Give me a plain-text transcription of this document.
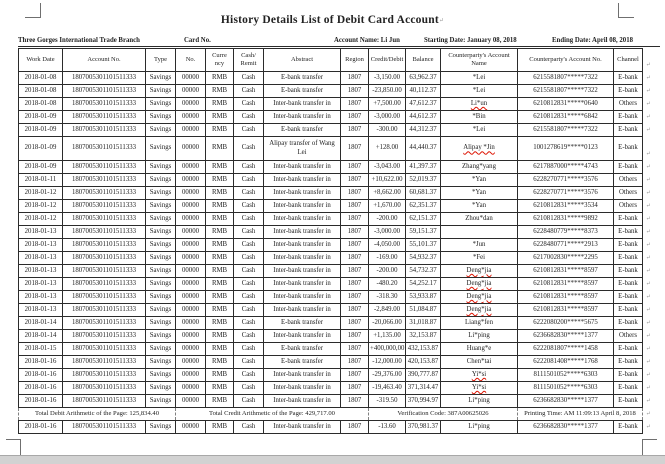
History Details List of Debit Card Account↵
Three Gorges International Trade Branch	Card No.	Account Name: Li Jun	Starting Date: January 08, 2018	Ending Date: April 08, 2018
Work Date	Account No.	Type	No.	Curre ncy	Cash/ Remit	Abstract	Region	Credit/Debit	Balance	Counterparty's Account Name	Counterparty's Account No.	Channel
2018-01-08	1807005301101511333	Savings	00000	RMB	Cash	E-bank transfer	1807	-3,150.00	63,962.37	*Lei	6215581807*****7322	E-bank
2018-01-08	1807005301101511333	Savings	00000	RMB	Cash	E-bank transfer	1807	-23,850.00	40,112.37	*Lei	6215581807*****7322	E-bank
2018-01-08	1807005301101511333	Savings	00000	RMB	Cash	Inter-bank transfer in	1807	+7,500.00	47,612.37	Li*un	6210812831*****0640	Others
2018-01-09	1807005301101511333	Savings	00000	RMB	Cash	Inter-bank transfer in	1807	-3,000.00	44,612.37	*Bin	6210812831*****6842	E-bank
2018-01-09	1807005301101511333	Savings	00000	RMB	Cash	E-bank transfer	1807	-300.00	44,312.37	*Lei	6215581807*****7322	E-bank
2018-01-09	1807005301101511333	Savings	00000	RMB	Cash	Alipay transfer of Wang Lei	1807	+128.00	44,440.37	Alipay *Jin	1001278619*****0123	E-bank
2018-01-09	1807005301101511333	Savings	00000	RMB	Cash	Inter-bank transfer in	1807	-3,043.00	41,397.37	Zhang*yang	6217887000*****4743	E-bank
2018-01-11	1807005301101511333	Savings	00000	RMB	Cash	Inter-bank transfer in	1807	+10,622.00	52,019.37	*Yan	6228270771*****3576	Others
2018-01-12	1807005301101511333	Savings	00000	RMB	Cash	Inter-bank transfer in	1807	+8,662.00	60,681.37	*Yan	6228270771*****3576	Others
2018-01-12	1807005301101511333	Savings	00000	RMB	Cash	Inter-bank transfer in	1807	+1,670.00	62,351.37	*Yan	6210812831*****3534	Others
2018-01-12	1807005301101511333	Savings	00000	RMB	Cash	Inter-bank transfer in	1807	-200.00	62,151.37	Zhou*dan	6210812831*****9892	E-bank
2018-01-13	1807005301101511333	Savings	00000	RMB	Cash	Inter-bank transfer in	1807	-3,000.00	59,151.37		6228480779*****8373	E-bank
2018-01-13	1807005301101511333	Savings	00000	RMB	Cash	Inter-bank transfer in	1807	-4,050.00	55,101.37	*Jun	6228480771*****2913	E-bank
2018-01-13	1807005301101511333	Savings	00000	RMB	Cash	Inter-bank transfer in	1807	-169.00	54,932.37	*Fei	6217002830*****2295	E-bank
2018-01-13	1807005301101511333	Savings	00000	RMB	Cash	Inter-bank transfer in	1807	-200.00	54,732.37	Deng*jia	6210812831*****8597	E-bank
2018-01-13	1807005301101511333	Savings	00000	RMB	Cash	Inter-bank transfer in	1807	-480.20	54,252.17	Deng*jia	6210812831*****8597	E-bank
2018-01-13	1807005301101511333	Savings	00000	RMB	Cash	Inter-bank transfer in	1807	-318.30	53,933.87	Deng*jia	6210812831*****8597	E-bank
2018-01-13	1807005301101511333	Savings	00000	RMB	Cash	Inter-bank transfer in	1807	-2,849.00	51,084.87	Deng*jia	6210812831*****8597	E-bank
2018-01-14	1807005301101511333	Savings	00000	RMB	Cash	E-bank transfer	1807	-20,066.00	31,018.87	Liang*fen	6222080200*****5675	E-bank
2018-01-14	1807005301101511333	Savings	00000	RMB	Cash	Inter-bank transfer in	1807	+1,135.00	32,153.87	Li*ping	6236682830*****1377	Others
2018-01-15	1807005301101511333	Savings	00000	RMB	Cash	E-bank transfer	1807	+400,000,00	432,153.87	Huang*e	6222081807*****1458	E-bank
2018-01-16	1807005301101511333	Savings	00000	RMB	Cash	E-bank transfer	1807	-12,000.00	420,153.87	Chen*tai	6222081408*****1768	E-bank
2018-01-16	1807005301101511333	Savings	00000	RMB	Cash	Inter-bank transfer in	1807	-29,376.00	390,777.87	Yi*si	8111501052*****6303	E-bank
2018-01-16	1807005301101511333	Savings	00000	RMB	Cash	Inter-bank transfer in	1807	-19,463.40	371,314.47	Yi*si	8111501052*****6303	E-bank
2018-01-16	1807005301101511333	Savings	00000	RMB	Cash	Inter-bank transfer in	1807	-319.50	370,994.97	Li*ping	6236682830*****1377	E-bank
Total Debit Arithmetic of the Page: 125,834.40			Total Credit Arithmetic of the Page: 429,717.00					Verification Code: 387A00625026			Printing Time: AM 11:09:13 April 8, 2018	
2018-01-16	1807005301101511333	Savings	00000	RMB	Cash	Inter-bank transfer in	1807	-13.60	370,981.37	Li*ping	6236682830*****1377	E-bank
↵
↵
↵
↵
↵
↵
↵
↵
↵
↵
↵
↵
↵
↵
↵
↵
↵
↵
↵
↵
↵
↵
↵
↵
↵
↵
↵
↵
